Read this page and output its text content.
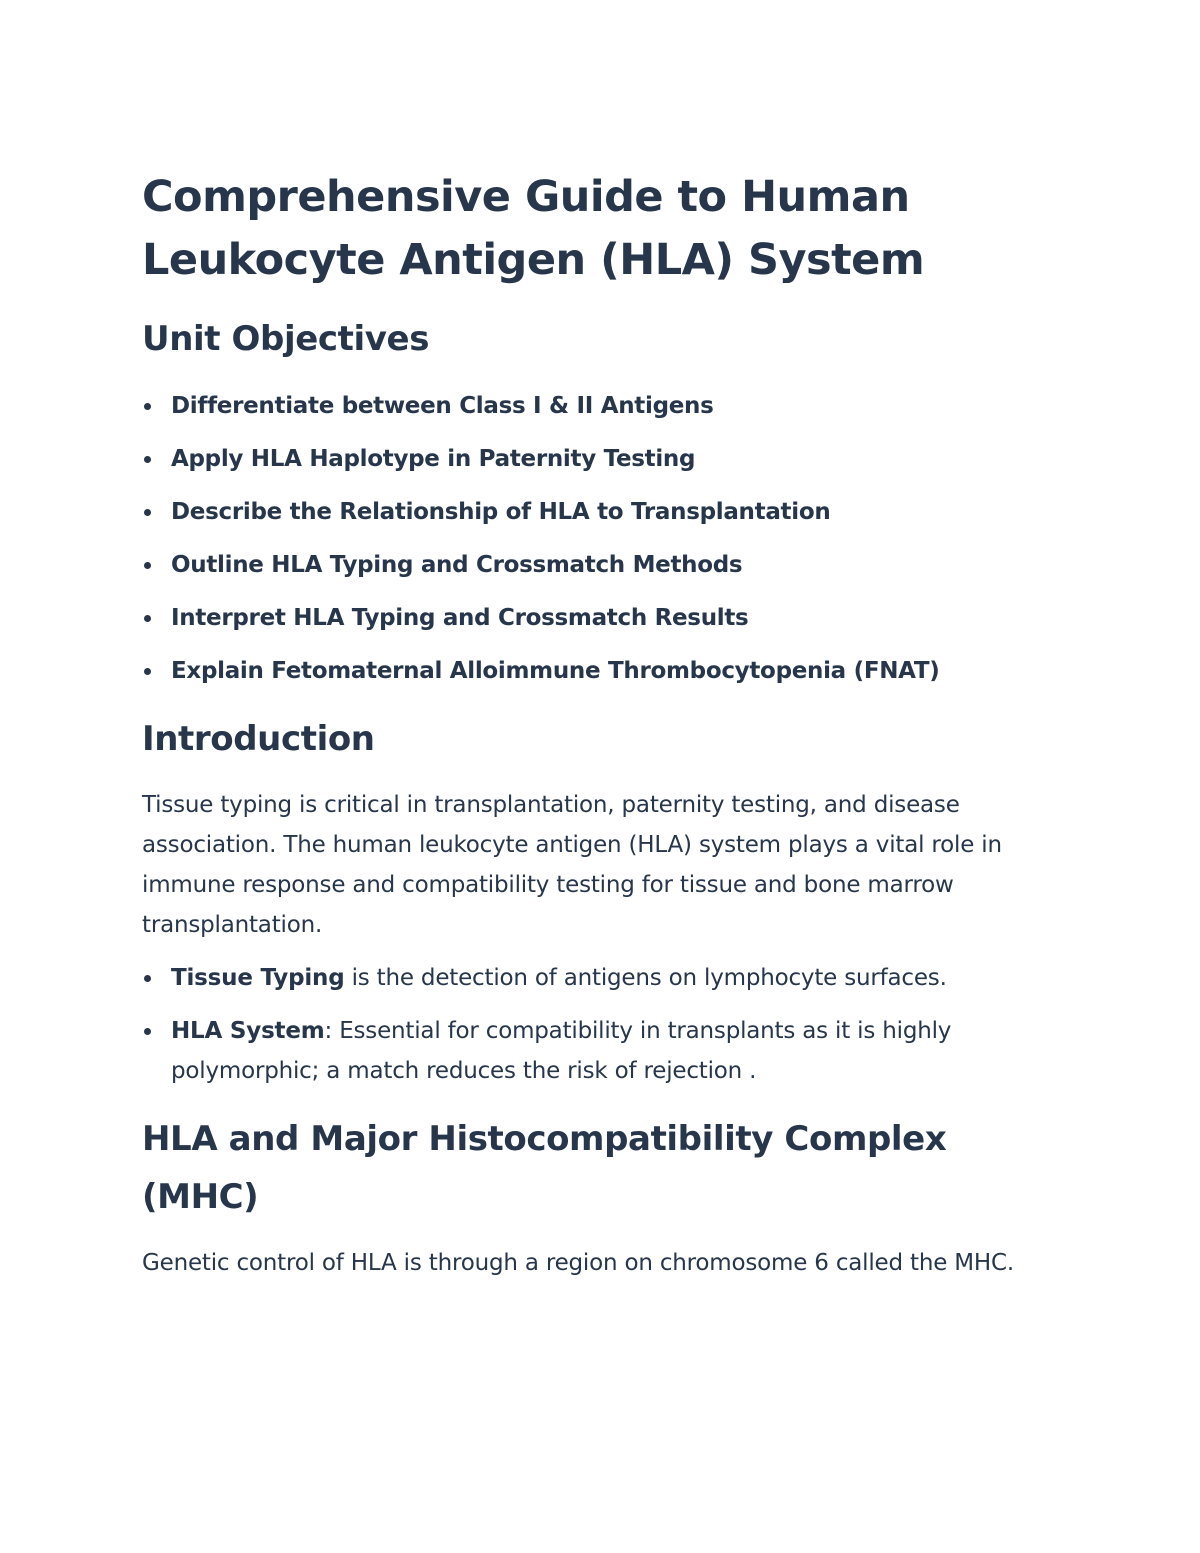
Comprehensive Guide to Human Leukocyte Antigen (HLA) System
Unit Objectives
Differentiate between Class I & II Antigens
Apply HLA Haplotype in Paternity Testing
Describe the Relationship of HLA to Transplantation
Outline HLA Typing and Crossmatch Methods
Interpret HLA Typing and Crossmatch Results
Explain Fetomaternal Alloimmune Thrombocytopenia (FNAT)
Introduction

Tissue typing is critical in transplantation, paternity testing, and disease association. The human leukocyte antigen (HLA) system plays a vital role in immune response and compatibility testing for tissue and bone marrow transplantation.

Tissue Typing is the detection of antigens on lymphocyte surfaces.
HLA System: Essential for compatibility in transplants as it is highly polymorphic; a match reduces the risk of rejection .
HLA and Major Histocompatibility Complex (MHC)

Genetic control of HLA is through a region on chromosome 6 called the MHC.
